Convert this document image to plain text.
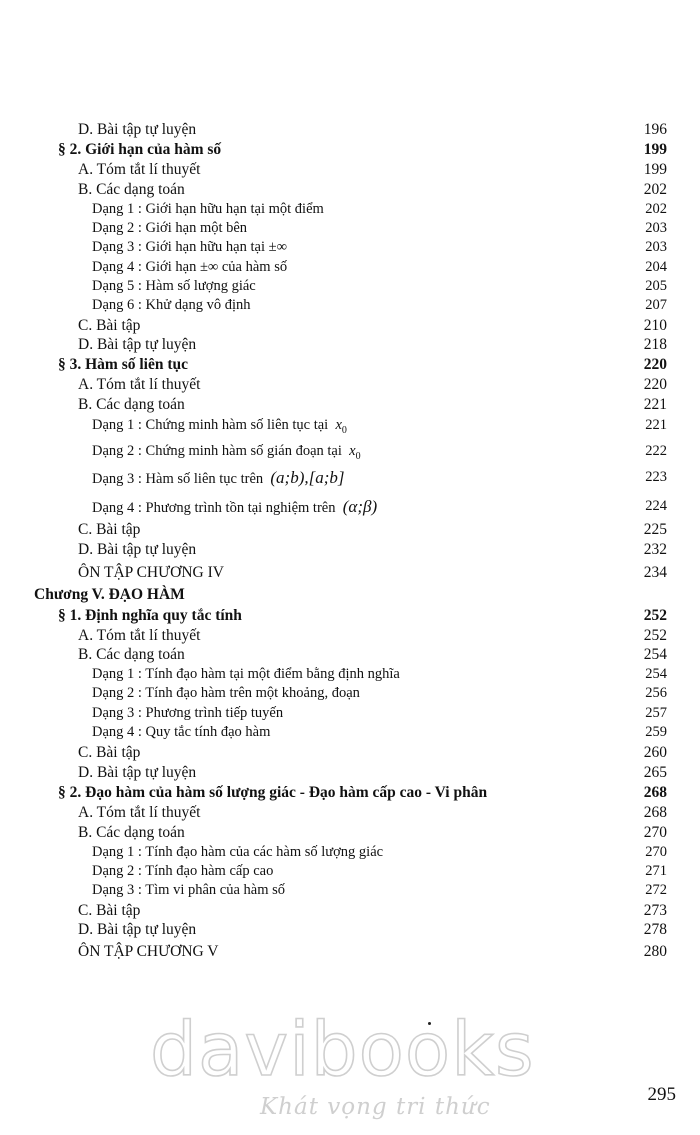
D. Bài tập tự luyện	196
§ 2. Giới hạn của hàm số	199
A. Tóm tắt lí thuyết	199
B. Các dạng toán	202
Dạng 1 : Giới hạn hữu hạn tại một điểm	202
Dạng 2 : Giới hạn một bên	203
Dạng 3 : Giới hạn hữu hạn tại ±∞	203
Dạng 4 : Giới hạn ±∞ của hàm số	204
Dạng 5 : Hàm số lượng giác	205
Dạng 6 : Khử dạng vô định	207
C. Bài tập	210
D. Bài tập tự luyện	218
§ 3. Hàm số liên tục	220
A. Tóm tắt lí thuyết	220
B. Các dạng toán	221
Dạng 1 : Chứng minh hàm số liên tục tại $x_0$	221
Dạng 2 : Chứng minh hàm số gián đoạn tại $x_0$	222
Dạng 3 : Hàm số liên tục trên (a;b),[a;b]	223
Dạng 4 : Phương trình tồn tại nghiệm trên (α;β)	224
C. Bài tập	225
D. Bài tập tự luyện	232
ÔN TẬP CHƯƠNG IV	234
Chương V. ĐẠO HÀM
§ 1. Định nghĩa quy tắc tính	252
A. Tóm tắt lí thuyết	252
B. Các dạng toán	254
Dạng 1 : Tính đạo hàm tại một điểm bằng định nghĩa	254
Dạng 2 : Tính đạo hàm trên một khoảng, đoạn	256
Dạng 3 : Phương trình tiếp tuyến	257
Dạng 4 : Quy tắc tính đạo hàm	259
C. Bài tập	260
D. Bài tập tự luyện	265
§ 2. Đạo hàm của hàm số lượng giác - Đạo hàm cấp cao - Vi phân	268
A. Tóm tắt lí thuyết	268
B. Các dạng toán	270
Dạng 1 : Tính đạo hàm của các hàm số lượng giác	270
Dạng 2 : Tính đạo hàm cấp cao	271
Dạng 3 : Tìm vi phân của hàm số	272
C. Bài tập	273
D. Bài tập tự luyện	278
ÔN TẬP CHƯƠNG V	280
davibooks
Khát vọng tri thức	295
